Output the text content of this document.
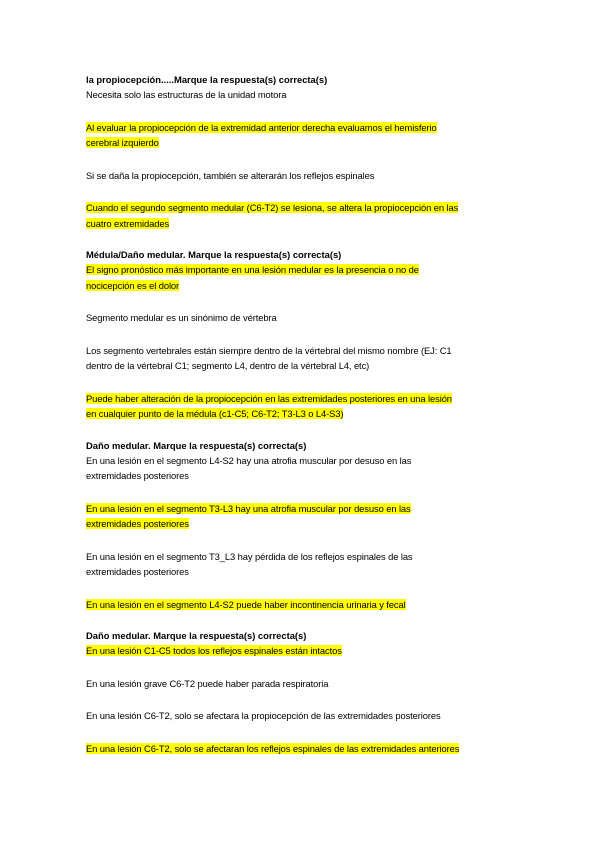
la propiocepción.....Marque la respuesta(s) correcta(s)
Necesita solo las estructuras de la unidad motora
Al evaluar la propiocepción de la extremidad anterior derecha evaluamos el hemisferio
cerebral izquierdo
Si se daña la propiocepción, también se alterarán los reflejos espinales
Cuando el segundo segmento medular (C6-T2) se lesiona, se altera la propiocepción en las
cuatro extremidades
Médula/Daño medular. Marque la respuesta(s) correcta(s)
El signo pronóstico más importante en una lesión medular es la presencia o no de
nocicepción es el dolor
Segmento medular es un sinónimo de vértebra
Los segmento vertebrales están siempre dentro de la vértebral del mismo nombre (EJ: C1
dentro de la vértebral C1; segmento L4, dentro de la vértebral L4, etc)
Puede haber alteración de la propiocepción en las extremidades posteriores en una lesión
en cualquier punto de la médula (c1-C5; C6-T2; T3-L3 o L4-S3)
Daño medular. Marque la respuesta(s) correcta(s)
En una lesión en el segmento L4-S2 hay una atrofia muscular por desuso en las
extremidades posteriores
En una lesión en el segmento T3-L3 hay una atrofia muscular por desuso en las
extremidades posteriores
En una lesión en el segmento T3_L3 hay pérdida de los reflejos espinales de las
extremidades posteriores
En una lesión en el segmento L4-S2 puede haber incontinencia urinaria y fecal
Daño medular. Marque la respuesta(s) correcta(s)
En una lesión C1-C5 todos los reflejos espinales están intactos
En una lesión grave C6-T2 puede haber parada respiratoria
En una lesión C6-T2, solo se afectara la propiocepción de las extremidades posteriores
En una lesión C6-T2, solo se afectaran los reflejos espinales de las extremidades anteriores
